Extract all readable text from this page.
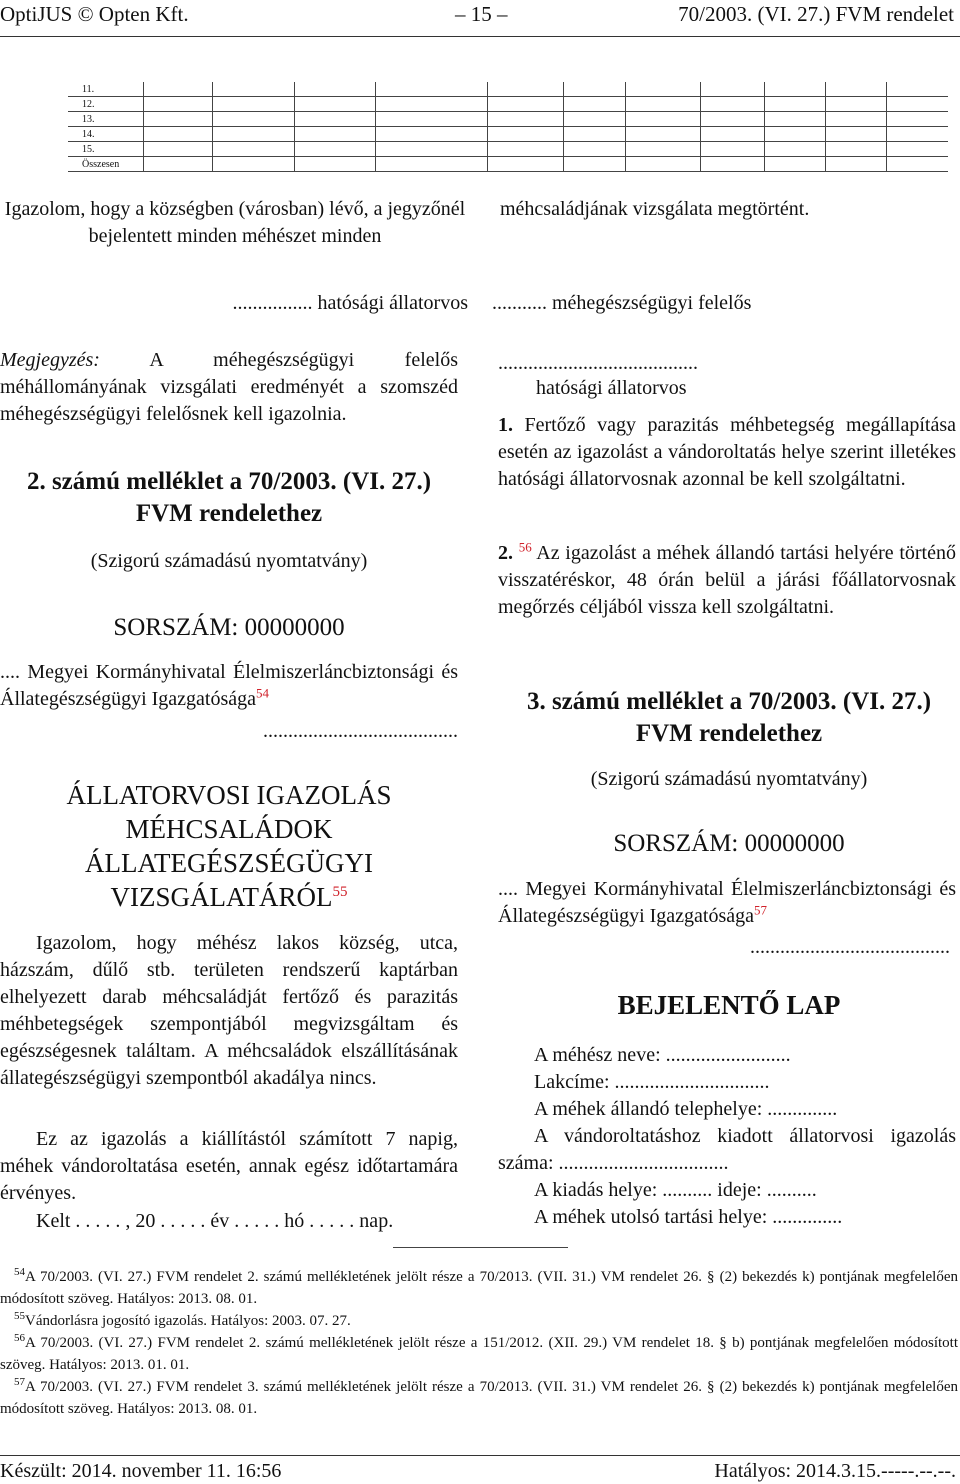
OptiJUS © Opten Kft.	– 15 –	70/2003. (VI. 27.) FVM rendelet
11.											
12.											
13.											
14.											
15.											
Összesen											
Igazolom, hogy a községben (városban) lévő, a jegyzőnél bejelentett minden méhészet minden
méhcsaládjának vizsgálata megtörtént.
................ hatósági állatorvos ........... méhegészségügyi felelős
Megjegyzés: A méhegészségügyi felelős méhállományának vizsgálati eredményét a szomszéd méhegészségügyi felelősnek kell igazolnia.
2. számú melléklet a 70/2003. (VI. 27.)
FVM rendelethez
(Szigorú számadású nyomtatvány)
SORSZÁM: 00000000
.... Megyei Kormányhivatal Élelmiszerláncbiztonsági és Állategészségügyi Igazgatósága$^{54}$
.......................................
ÁLLATORVOSI IGAZOLÁS
MÉHCSALÁDOK
ÁLLATEGÉSZSÉGÜGYI
VIZSGÁLATÁRÓL$^{55}$
Igazolom, hogy méhész lakos község, utca, házszám, dűlő stb. területen rendszerű kaptárban elhelyezett darab méhcsaládját fertőző és parazitás méhbetegségek szempontjából megvizsgáltam és egészségesnek találtam. A méhcsaládok elszállításának állategészségügyi szempontból akadálya nincs.
Ez az igazolás a kiállítástól számított 7 napig, méhek vándoroltatása esetén, annak egész időtartamára érvényes.
Kelt . . . . . , 20 . . . . . év . . . . . hó . . . . . nap.
........................................
hatósági állatorvos
1. Fertőző vagy parazitás méhbetegség megállapítása esetén az igazolást a vándoroltatás helye szerint illetékes hatósági állatorvosnak azonnal be kell szolgáltatni.
2. $^{56}$ Az igazolást a méhek állandó tartási helyére történő visszatéréskor, 48 órán belül a járási főállatorvosnak megőrzés céljából vissza kell szolgáltatni.
3. számú melléklet a 70/2003. (VI. 27.)
FVM rendelethez
(Szigorú számadású nyomtatvány)
SORSZÁM: 00000000
.... Megyei Kormányhivatal Élelmiszerláncbiztonsági és Állategészségügyi Igazgatósága$^{57}$
........................................
BEJELENTŐ LAP
A méhész neve: .........................
Lakcíme: ...............................
A méhek állandó telephelye: ..............
A vándoroltatáshoz kiadott állatorvosi igazolás száma: ..................................
A kiadás helye: .......... ideje: ..........
A méhek utolsó tartási helye: ..............
$^{54}$A 70/2003. (VI. 27.) FVM rendelet 2. számú mellékletének jelölt része a 70/2013. (VII. 31.) VM rendelet 26. § (2) bekezdés k) pontjának megfelelően módosított szöveg. Hatályos: 2013. 08. 01.
$^{55}$Vándorlásra jogosító igazolás. Hatályos: 2003. 07. 27.
$^{56}$A 70/2003. (VI. 27.) FVM rendelet 2. számú mellékletének jelölt része a 151/2012. (XII. 29.) VM rendelet 18. § b) pontjának megfelelően módosított szöveg. Hatályos: 2013. 01. 01.
$^{57}$A 70/2003. (VI. 27.) FVM rendelet 3. számú mellékletének jelölt része a 70/2013. (VII. 31.) VM rendelet 26. § (2) bekezdés k) pontjának megfelelően módosított szöveg. Hatályos: 2013. 08. 01.
Készült: 2014. november 11. 16:56	Hatályos: 2014.3.15.-----.--.--.
